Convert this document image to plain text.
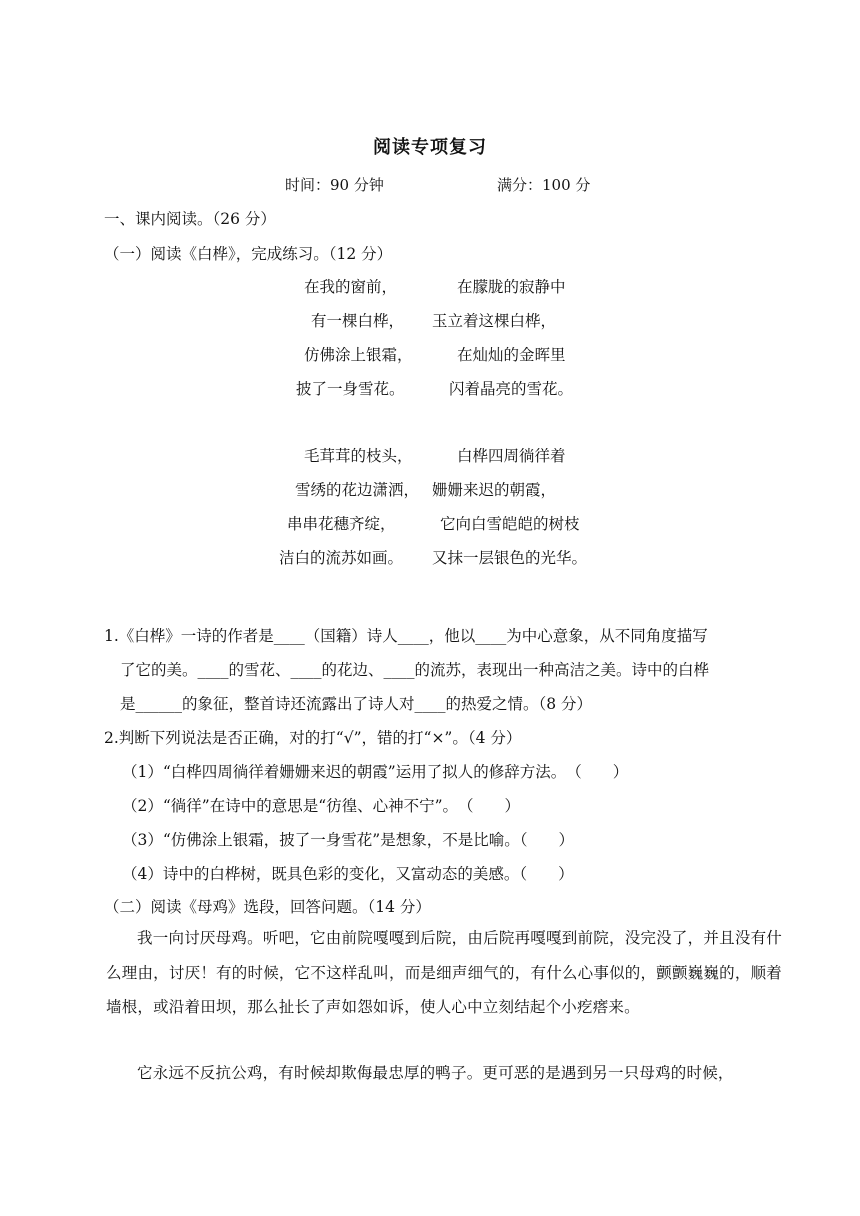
阅读专项复习
时间：90 分钟	满分：100 分
一、课内阅读。（26 分）
（一）阅读《白桦》，完成练习。（12 分）
在我的窗前，
有一棵白桦，
仿佛涂上银霜，
披了一身雪花。
在朦胧的寂静中
玉立着这棵白桦，
在灿灿的金晖里
闪着晶亮的雪花。
毛茸茸的枝头，
雪绣的花边潇洒，
串串花穗齐绽，
洁白的流苏如画。
白桦四周徜徉着
姗姗来迟的朝霞，
它向白雪皑皑的树枝
又抹一层银色的光华。
1.《白桦》一诗的作者是____（国籍）诗人____，他以____为中心意象，从不同角度描写
了它的美。____的雪花、____的花边、____的流苏，表现出一种高洁之美。诗中的白桦
是______的象征，整首诗还流露出了诗人对____的热爱之情。（8 分）
2.判断下列说法是否正确，对的打“√”，错的打“×”。（4 分）
（1）“白桦四周徜徉着姗姗来迟的朝霞”运用了拟人的修辞方法。　（　　）
（2）“徜徉”在诗中的意思是“彷徨、心神不宁”。　（　　）
（3）“仿佛涂上银霜，披了一身雪花”是想象，不是比喻。（　　）
（4）诗中的白桦树，既具色彩的变化，又富动态的美感。（　　）
（二）阅读《母鸡》选段，回答问题。（14 分）
我一向讨厌母鸡。听吧，它由前院嘎嘎到后院，由后院再嘎嘎到前院，没完没了，并且没有什么理由，讨厌！有的时候，它不这样乱叫，而是细声细气的，有什么心事似的，颤颤巍巍的，顺着墙根，或沿着田坝，那么扯长了声如怨如诉，使人心中立刻结起个小疙瘩来。
它永远不反抗公鸡，有时候却欺侮最忠厚的鸭子。更可恶的是遇到另一只母鸡的时候，
